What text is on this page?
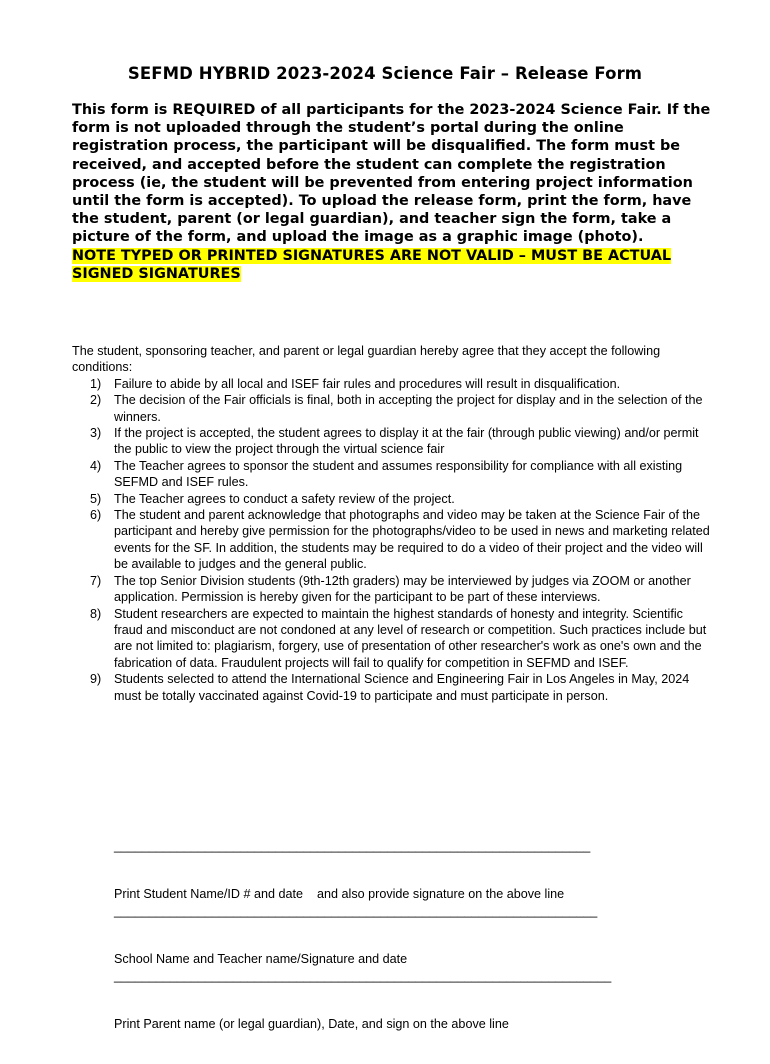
SEFMD HYBRID 2023-2024 Science Fair – Release Form

This form is REQUIRED of all participants for the 2023-2024 Science Fair. If the form is not uploaded through the student’s portal during the online registration process, the participant will be disqualified. The form must be received, and accepted before the student can complete the registration process (ie, the student will be prevented from entering project information until the form is accepted). To upload the release form, print the form, have the student, parent (or legal guardian), and teacher sign the form, take a picture of the form, and upload the image as a graphic image (photo).

NOTE TYPED OR PRINTED SIGNATURES ARE NOT VALID – MUST BE ACTUAL SIGNED SIGNATURES

The student, sponsoring teacher, and parent or legal guardian hereby agree that they accept the following conditions:

1) Failure to abide by all local and ISEF fair rules and procedures will result in disqualification.
2) The decision of the Fair officials is final, both in accepting the project for display and in the selection of the winners.
3) If the project is accepted, the student agrees to display it at the fair (through public viewing) and/or permit the public to view the project through the virtual science fair
4) The Teacher agrees to sponsor the student and assumes responsibility for compliance with all existing SEFMD and ISEF rules.
5) The Teacher agrees to conduct a safety review of the project.
6) The student and parent acknowledge that photographs and video may be taken at the Science Fair of the participant and hereby give permission for the photographs/video to be used in news and marketing related events for the SF. In addition, the students may be required to do a video of their project and the video will be available to judges and the general public.
7) The top Senior Division students (9th-12th graders) may be interviewed by judges via ZOOM or another application. Permission is hereby given for the participant to be part of these interviews.
8) Student researchers are expected to maintain the highest standards of honesty and integrity. Scientific fraud and misconduct are not condoned at any level of research or competition. Such practices include but are not limited to: plagiarism, forgery, use of presentation of other researcher's work as one's own and the fabrication of data. Fraudulent projects will fail to qualify for competition in SEFMD and ISEF.
9) Students selected to attend the International Science and Engineering Fair in Los Angeles in May, 2024 must be totally vaccinated against Covid-19 to participate and must participate in person.

____________________________________________________________________

Print Student Name/ID # and date    and also provide signature on the above line

_____________________________________________________________________

School Name and Teacher name/Signature and date

_______________________________________________________________________

Print Parent name (or legal guardian), Date, and sign on the above line
